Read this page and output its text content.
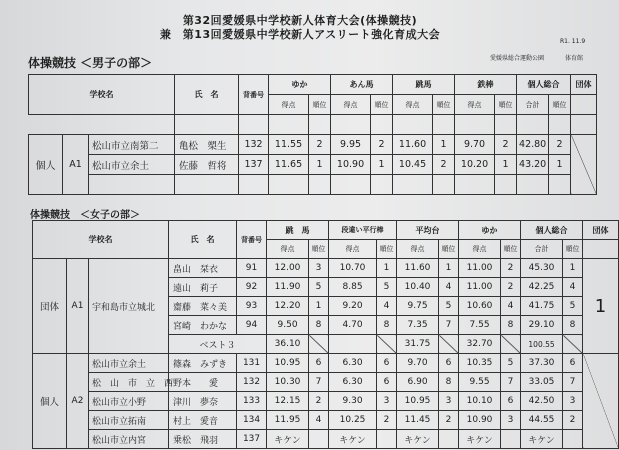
第32回愛媛県中学校新人体育大会(体操競技)
兼　第13回愛媛県中学校新人アスリート強化育成大会
R1. 11.9
愛媛県総合運動公園	体育館
体操競技 ＜男子の部＞
学校名			氏　名	背番号	ゆか		あん馬		跳馬		鉄棒		個人総合		団体
					得点	順位	得点	順位	得点	順位	得点	順位	合計	順位	

個人	A1	松山市立南第二	亀松　槊生	132	11.55	2	9.95	2	11.60	1	9.70	2	42.80	2	
		松山市立余土	佐藤　哲将	137	11.65	1	10.90	1	10.45	2	10.20	1	43.20	1	

体操競技　＜女子の部＞
学校名			氏　名	背番号	跳　馬		段違い平行棒		平均台		ゆか		個人総合		団体
					得点	順位	得点	順位	得点	順位	得点	順位	合計	順位	
団体	A1	宇和島市立城北	畠山　栞衣	91	12.00	3	10.70	1	11.60	1	11.00	2	45.30	1	1
			遠山　莉子	92	11.90	5	8.85	5	10.40	4	11.00	2	42.25	4	
			齋藤　菜々美	93	12.20	1	9.20	4	9.75	5	10.60	4	41.75	5	
			宮崎　わかな	94	9.50	8	4.70	8	7.35	7	7.55	8	29.10	8	
			ベスト３		36.10				31.75		32.70		100.55		
個人	A2	松山市立余土	篠森　みずき	131	10.95	6	6.30	6	9.70	6	10.35	5	37.30	6	
		松　山　市　立　西	野本　　愛	132	10.30	7	6.30	6	6.90	8	9.55	7	33.05	7	
		松山市立小野	津川　夢奈	133	12.15	2	9.30	3	10.95	3	10.10	6	42.50	3	
		松山市立拓南	村上　愛音	134	11.95	4	10.25	2	11.45	2	10.90	3	44.55	2	
		松山市立内宮	乗松　飛羽	137	キケン		キケン		キケン		キケン		キケン		
